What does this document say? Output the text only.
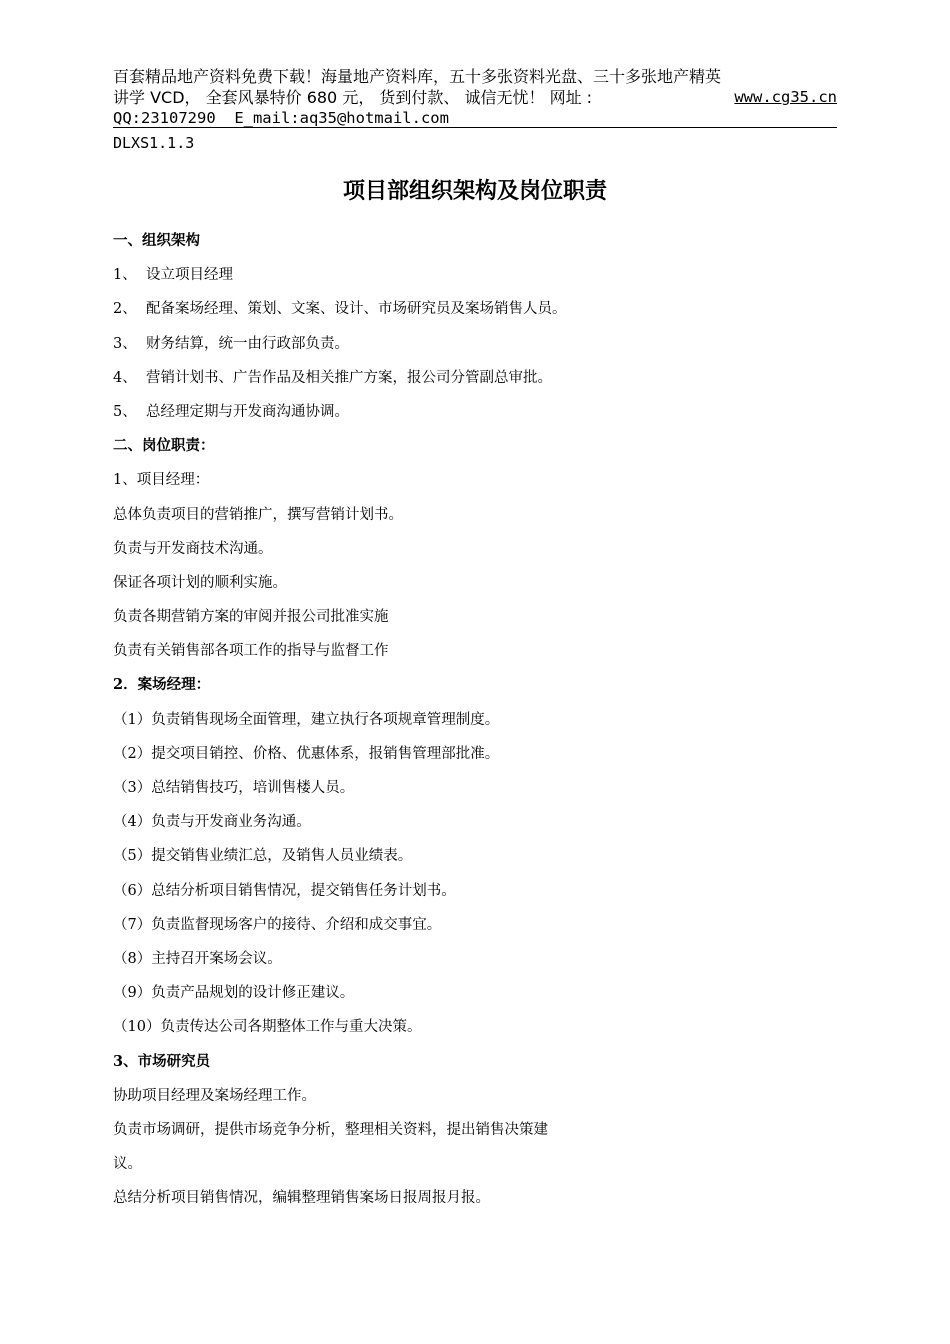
百套精品地产资料免费下载！海量地产资料库，五十多张资料光盘、三十多张地产精英
讲学 VCD， 全套风暴特价 680 元， 货到付款、 诚信无忧！ 网址 :	www.cg35.cn
QQ:23107290  E_mail:aq35@hotmail.com
DLXS1.1.3
项目部组织架构及岗位职责
一、组织架构
1、  设立项目经理
2、  配备案场经理、策划、文案、设计、市场研究员及案场销售人员。
3、  财务结算，统一由行政部负责。
4、  营销计划书、广告作品及相关推广方案，报公司分管副总审批。
5、  总经理定期与开发商沟通协调。
二、岗位职责：
1、项目经理：
总体负责项目的营销推广，撰写营销计划书。
负责与开发商技术沟通。
保证各项计划的顺利实施。
负责各期营销方案的审阅并报公司批准实施
负责有关销售部各项工作的指导与监督工作
2．案场经理：
（1）负责销售现场全面管理，建立执行各项规章管理制度。
（2）提交项目销控、价格、优惠体系，报销售管理部批准。
（3）总结销售技巧，培训售楼人员。
（4）负责与开发商业务沟通。
（5）提交销售业绩汇总，及销售人员业绩表。
（6）总结分析项目销售情况，提交销售任务计划书。
（7）负责监督现场客户的接待、介绍和成交事宜。
（8）主持召开案场会议。
（9）负责产品规划的设计修正建议。
（10）负责传达公司各期整体工作与重大决策。
3、市场研究员
协助项目经理及案场经理工作。
负责市场调研，提供市场竞争分析，整理相关资料，提出销售决策建
议。
总结分析项目销售情况，编辑整理销售案场日报周报月报。
